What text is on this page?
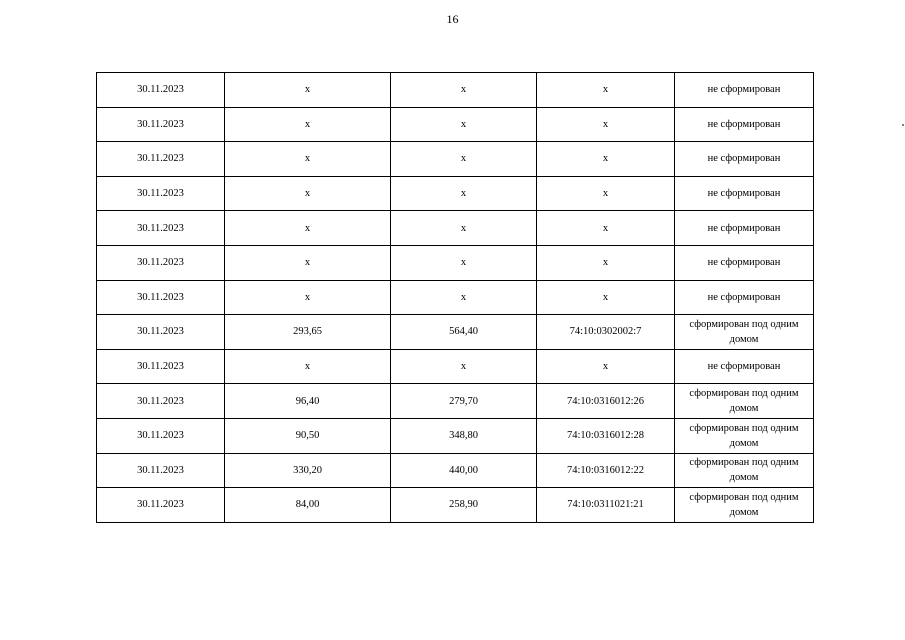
16
30.11.2023	x	x	x	не сформирован
30.11.2023	x	x	x	не сформирован
30.11.2023	x	x	x	не сформирован
30.11.2023	x	x	x	не сформирован
30.11.2023	x	x	x	не сформирован
30.11.2023	x	x	x	не сформирован
30.11.2023	x	x	x	не сформирован
30.11.2023	293,65	564,40	74:10:0302002:7	сформирован под одним домом
30.11.2023	x	x	x	не сформирован
30.11.2023	96,40	279,70	74:10:0316012:26	сформирован под одним домом
30.11.2023	90,50	348,80	74:10:0316012:28	сформирован под одним домом
30.11.2023	330,20	440,00	74:10:0316012:22	сформирован под одним домом
30.11.2023	84,00	258,90	74:10:0311021:21	сформирован под одним домом
